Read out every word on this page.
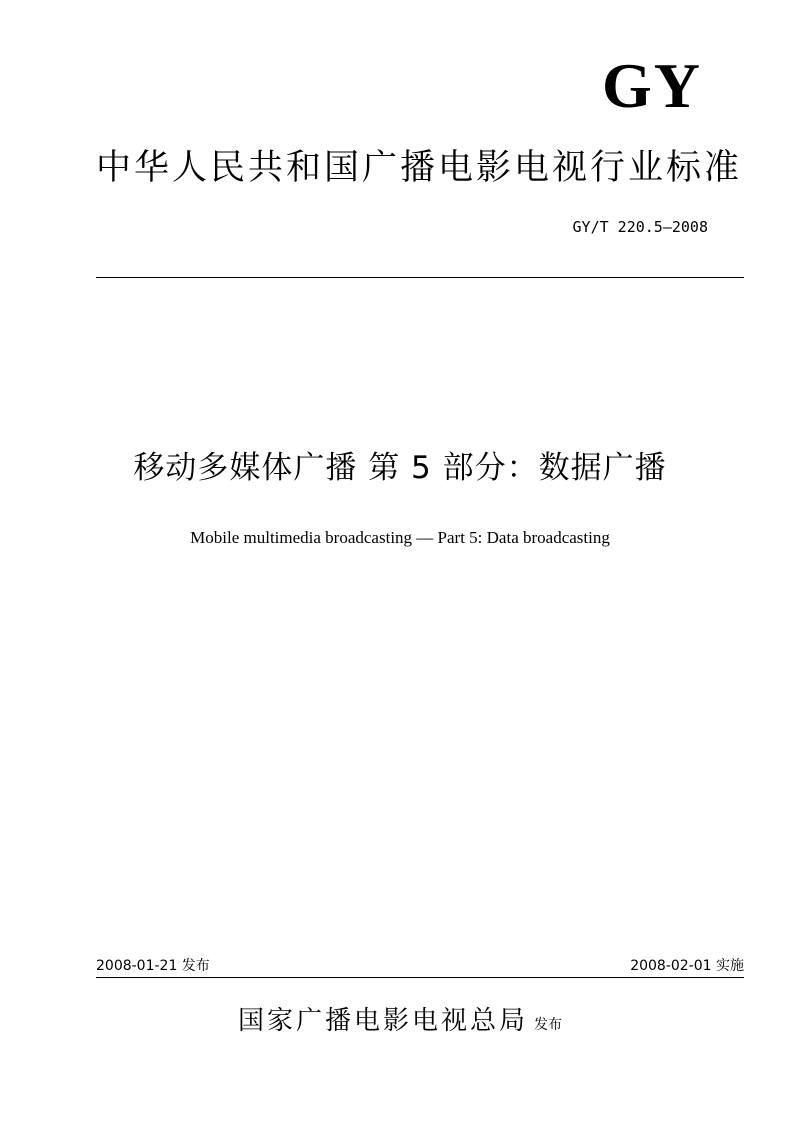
GY
中华人民共和国广播电影电视行业标准
GY/T 220.5—2008
移动多媒体广播 第 5 部分：数据广播
Mobile multimedia broadcasting — Part 5: Data broadcasting
2008-01-21 发布	2008-02-01 实施
国家广播电影电视总局 发布
